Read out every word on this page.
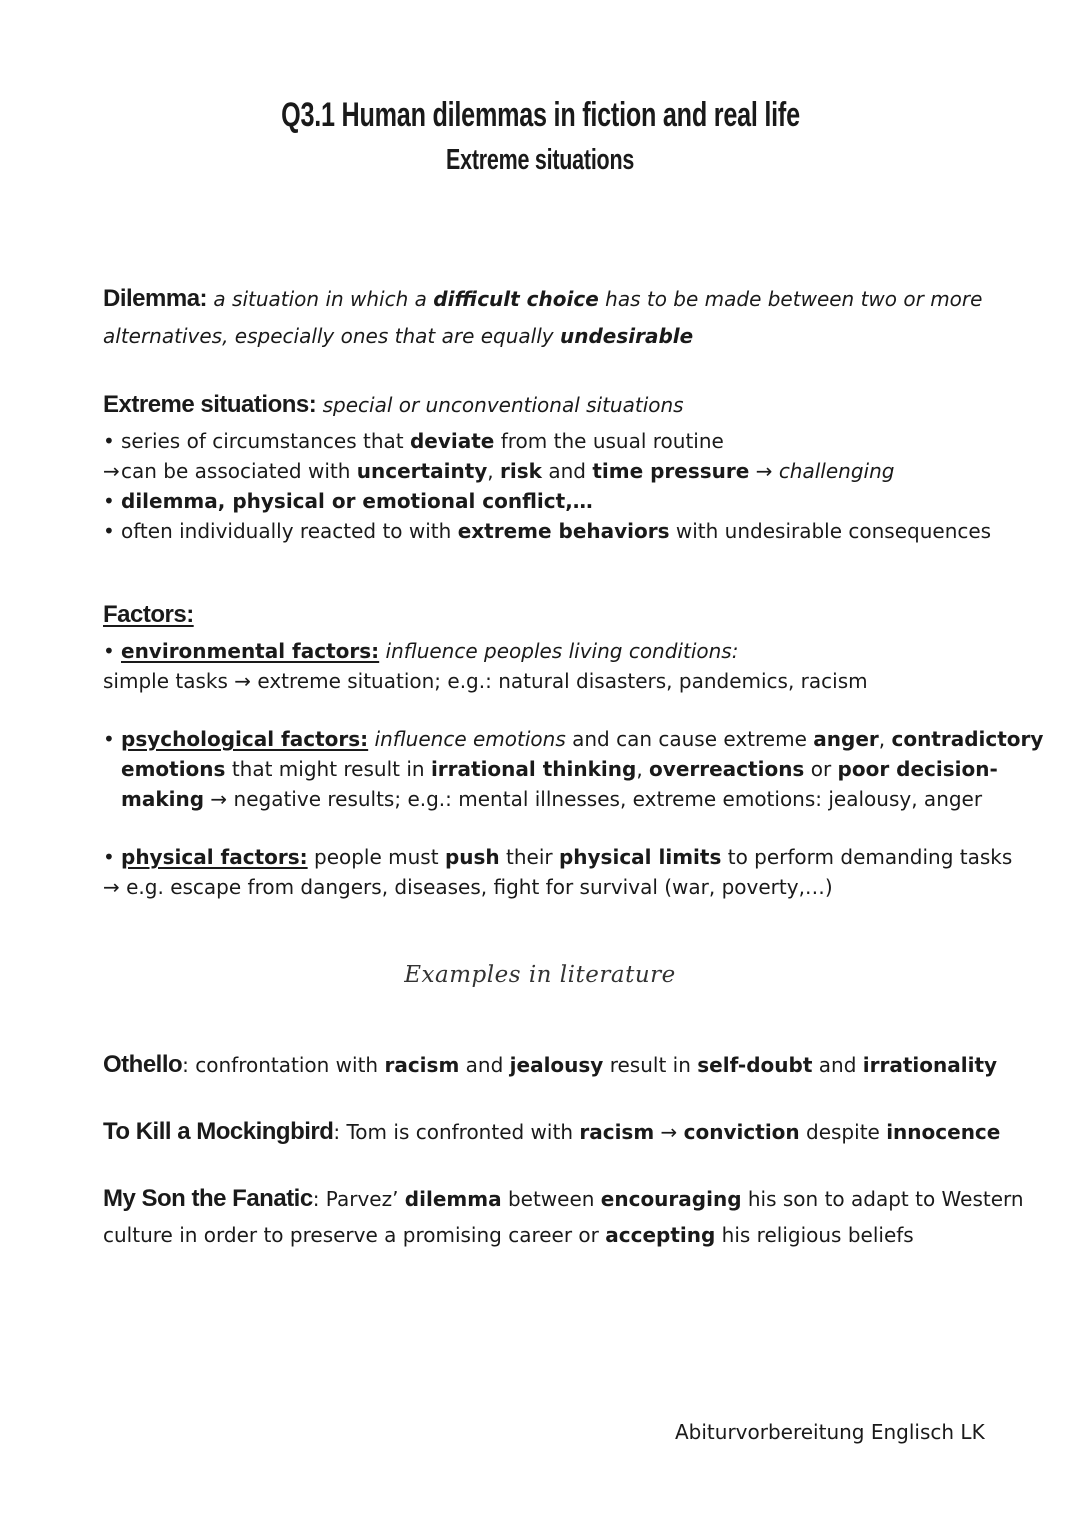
Q3.1 Human dilemmas in fiction and real life
Extreme situations
Dilemma: a situation in which a difficult choice has to be made between two or more
alternatives, especially ones that are equally undesirable
Extreme situations: special or unconventional situations
• series of circumstances that deviate from the usual routine
→can be associated with uncertainty, risk and time pressure → challenging
• dilemma, physical or emotional conflict,…
• often individually reacted to with extreme behaviors with undesirable consequences
Factors:
• environmental factors: influence peoples living conditions:
simple tasks → extreme situation; e.g.: natural disasters, pandemics, racism
• psychological factors: influence emotions and can cause extreme anger, contradictory
emotions that might result in irrational thinking, overreactions or poor decision-
making → negative results; e.g.: mental illnesses, extreme emotions: jealousy, anger
• physical factors: people must push their physical limits to perform demanding tasks
→ e.g. escape from dangers, diseases, fight for survival (war, poverty,…)
Examples in literature
Othello: confrontation with racism and jealousy result in self-doubt and irrationality
To Kill a Mockingbird: Tom is confronted with racism → conviction despite innocence
My Son the Fanatic: Parvez’ dilemma between encouraging his son to adapt to Western
culture in order to preserve a promising career or accepting his religious beliefs
Abiturvorbereitung Englisch LK
